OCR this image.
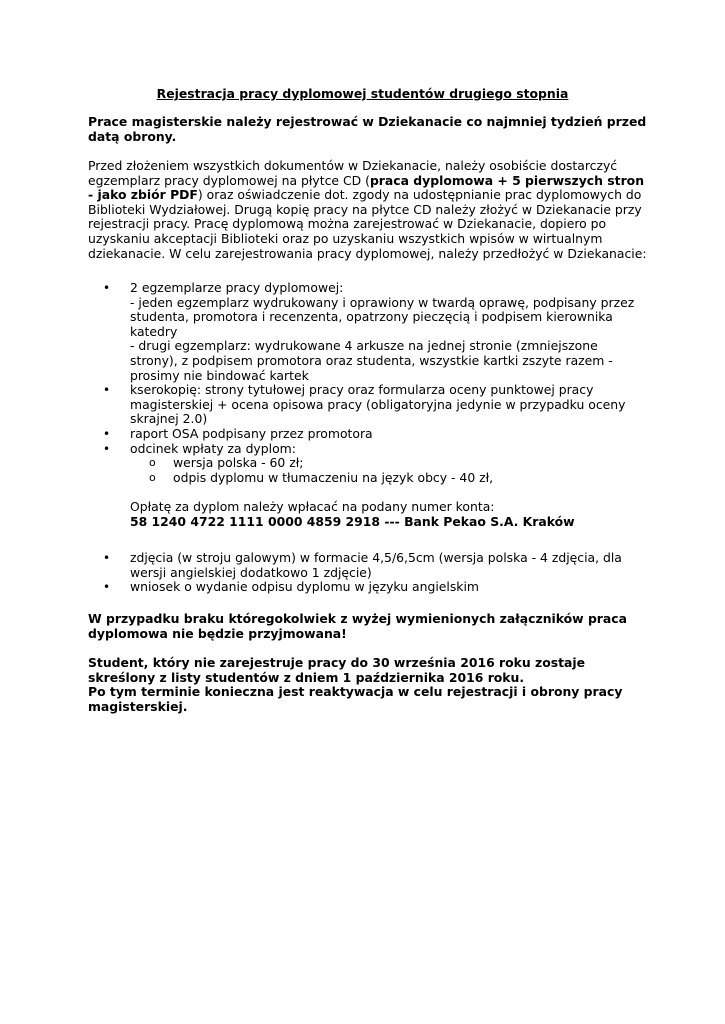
Rejestracja pracy dyplomowej studentów drugiego stopnia

Prace magisterskie należy rejestrować w Dziekanacie co najmniej tydzień przed datą obrony.

Przed złożeniem wszystkich dokumentów w Dziekanacie, należy osobiście dostarczyć egzemplarz pracy dyplomowej na płytce CD (praca dyplomowa + 5 pierwszych stron - jako zbiór PDF) oraz oświadczenie dot. zgody na udostępnianie prac dyplomowych do Biblioteki Wydziałowej. Drugą kopię pracy na płytce CD należy złożyć w Dziekanacie przy rejestracji pracy. Pracę dyplomową można zarejestrować w Dziekanacie, dopiero po uzyskaniu akceptacji Biblioteki oraz po uzyskaniu wszystkich wpisów w wirtualnym dziekanacie. W celu zarejestrowania pracy dyplomowej, należy przedłożyć w Dziekanacie:

• 2 egzemplarze pracy dyplomowej:

- jeden egzemplarz wydrukowany i oprawiony w twardą oprawę, podpisany przez studenta, promotora i recenzenta, opatrzony pieczęcią i podpisem kierownika katedry

- drugi egzemplarz: wydrukowane 4 arkusze na jednej stronie (zmniejszone strony), z podpisem promotora oraz studenta, wszystkie kartki zszyte razem - prosimy nie bindować kartek

• kserokopię: strony tytułowej pracy oraz formularza oceny punktowej pracy magisterskiej + ocena opisowa pracy (obligatoryjna jedynie w przypadku oceny skrajnej 2.0)

• raport OSA podpisany przez promotora

• odcinek wpłaty za dyplom:

o wersja polska - 60 zł;

o odpis dyplomu w tłumaczeniu na język obcy - 40 zł,

Opłatę za dyplom należy wpłacać na podany numer konta:

58 1240 4722 1111 0000 4859 2918 --- Bank Pekao S.A. Kraków

• zdjęcia (w stroju galowym) w formacie 4,5/6,5cm (wersja polska - 4 zdjęcia, dla wersji angielskiej dodatkowo 1 zdjęcie)

• wniosek o wydanie odpisu dyplomu w języku angielskim

W przypadku braku któregokolwiek z wyżej wymienionych załączników praca dyplomowa nie będzie przyjmowana!

Student, który nie zarejestruje pracy do 30 września 2016 roku zostaje skreślony z listy studentów z dniem 1 października 2016 roku.

Po tym terminie konieczna jest reaktywacja w celu rejestracji i obrony pracy magisterskiej.
